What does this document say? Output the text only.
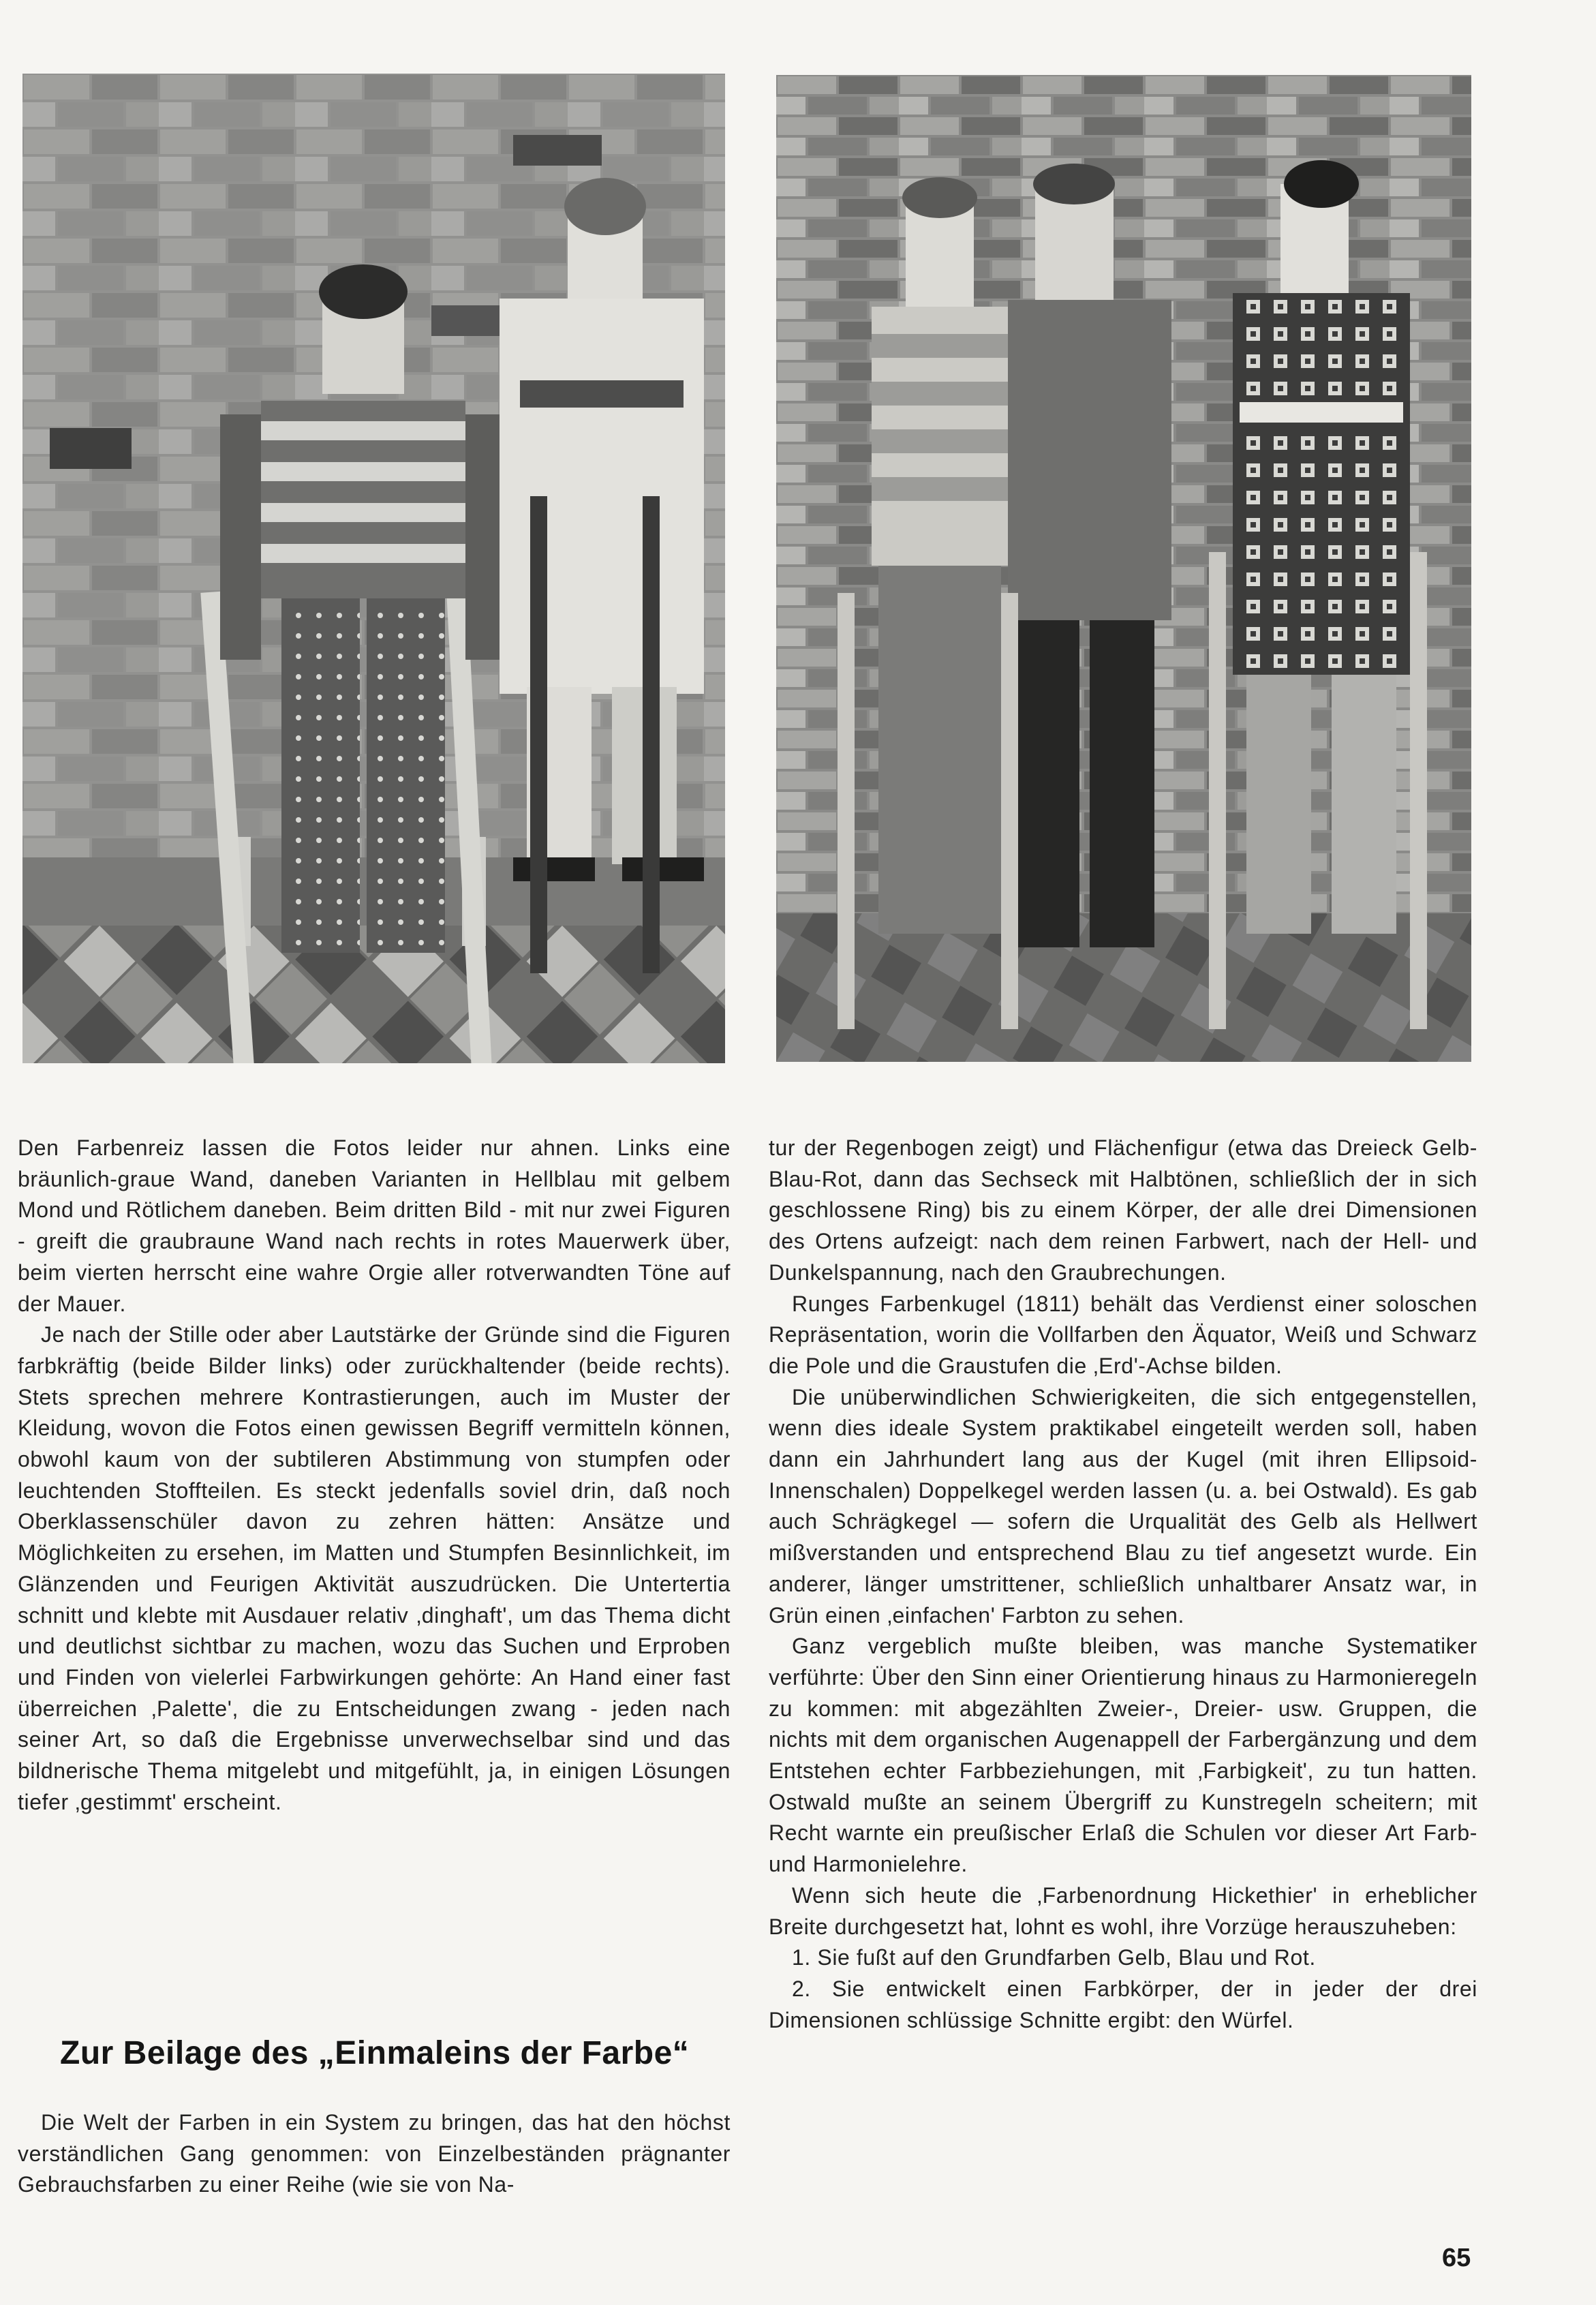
Den Farbenreiz lassen die Fotos leider nur ahnen. Links eine bräunlich-graue Wand, daneben Varianten in Hellblau mit gelbem Mond und Rötlichem daneben. Beim dritten Bild - mit nur zwei Figuren - greift die graubraune Wand nach rechts in rotes Mauerwerk über, beim vierten herrscht eine wahre Orgie aller rotverwandten Töne auf der Mauer.

Je nach der Stille oder aber Lautstärke der Gründe sind die Figuren farbkräftig (beide Bilder links) oder zurückhaltender (beide rechts). Stets sprechen mehrere Kontrastierungen, auch im Muster der Kleidung, wovon die Fotos einen gewissen Begriff vermitteln können, obwohl kaum von der subtileren Abstimmung von stumpfen oder leuchtenden Stoffteilen. Es steckt jedenfalls soviel drin, daß noch Oberklassenschüler davon zu zehren hätten: Ansätze und Möglichkeiten zu ersehen, im Matten und Stumpfen Besinnlichkeit, im Glänzenden und Feurigen Aktivität auszudrücken. Die Untertertia schnitt und klebte mit Ausdauer relativ ‚dinghaft', um das Thema dicht und deutlichst sichtbar zu machen, wozu das Suchen und Erproben und Finden von vielerlei Farbwirkungen gehörte: An Hand einer fast überreichen ‚Palette', die zu Entscheidungen zwang - jeden nach seiner Art, so daß die Ergebnisse unverwechselbar sind und das bildnerische Thema mitgelebt und mitgefühlt, ja, in einigen Lösungen tiefer ‚gestimmt' erscheint.

Zur Beilage des „Einmaleins der Farbe“

Die Welt der Farben in ein System zu bringen, das hat den höchst verständlichen Gang genommen: von Einzelbeständen prägnanter Gebrauchsfarben zu einer Reihe (wie sie von Na-

tur der Regenbogen zeigt) und Flächenfigur (etwa das Dreieck Gelb-Blau-Rot, dann das Sechseck mit Halbtönen, schließlich der in sich geschlossene Ring) bis zu einem Körper, der alle drei Dimensionen des Ortens aufzeigt: nach dem reinen Farbwert, nach der Hell- und Dunkelspannung, nach den Graubrechungen.

Runges Farbenkugel (1811) behält das Verdienst einer soloschen Repräsentation, worin die Vollfarben den Äquator, Weiß und Schwarz die Pole und die Graustufen die ‚Erd'-Achse bilden.

Die unüberwindlichen Schwierigkeiten, die sich entgegenstellen, wenn dies ideale System praktikabel eingeteilt werden soll, haben dann ein Jahrhundert lang aus der Kugel (mit ihren Ellipsoid-Innenschalen) Doppelkegel werden lassen (u. a. bei Ostwald). Es gab auch Schrägkegel — sofern die Urqualität des Gelb als Hellwert mißverstanden und entsprechend Blau zu tief angesetzt wurde. Ein anderer, länger umstrittener, schließlich unhaltbarer Ansatz war, in Grün einen ‚einfachen' Farbton zu sehen.

Ganz vergeblich mußte bleiben, was manche Systematiker verführte: Über den Sinn einer Orientierung hinaus zu Harmonieregeln zu kommen: mit abgezählten Zweier-, Dreier- usw. Gruppen, die nichts mit dem organischen Augenappell der Farbergänzung und dem Entstehen echter Farbbeziehungen, mit ‚Farbigkeit', zu tun hatten. Ostwald mußte an seinem Übergriff zu Kunstregeln scheitern; mit Recht warnte ein preußischer Erlaß die Schulen vor dieser Art Farb- und Harmonielehre.

Wenn sich heute die ‚Farbenordnung Hickethier' in erheblicher Breite durchgesetzt hat, lohnt es wohl, ihre Vorzüge herauszuheben:

1. Sie fußt auf den Grundfarben Gelb, Blau und Rot.

2. Sie entwickelt einen Farbkörper, der in jeder der drei Dimensionen schlüssige Schnitte ergibt: den Würfel.

65
